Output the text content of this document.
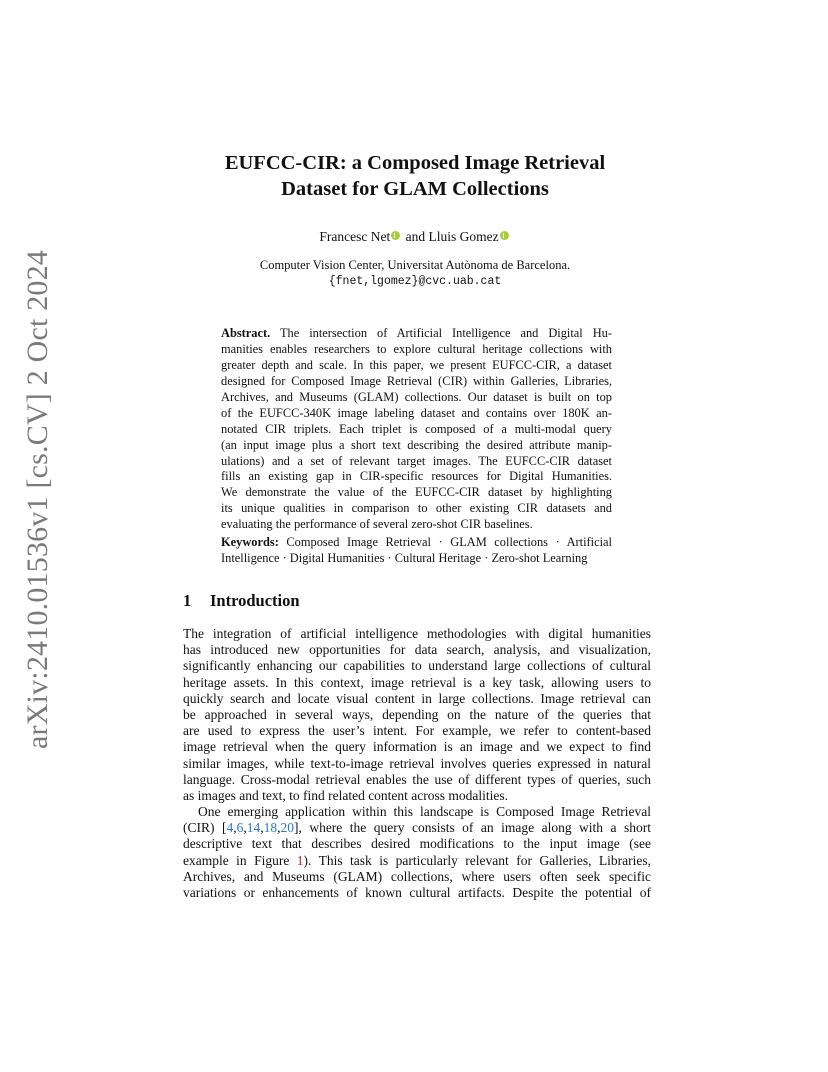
arXiv:2410.01536v1 [cs.CV] 2 Oct 2024
EUFCC-CIR: a Composed Image Retrieval
Dataset for GLAM Collections
Francesc Net and Lluis Gomez
Computer Vision Center, Universitat Autònoma de Barcelona.
{fnet,lgomez}@cvc.uab.cat
Abstract. The intersection of Artificial Intelligence and Digital Hu-
manities enables researchers to explore cultural heritage collections with
greater depth and scale. In this paper, we present EUFCC-CIR, a dataset
designed for Composed Image Retrieval (CIR) within Galleries, Libraries,
Archives, and Museums (GLAM) collections. Our dataset is built on top
of the EUFCC-340K image labeling dataset and contains over 180K an-
notated CIR triplets. Each triplet is composed of a multi-modal query
(an input image plus a short text describing the desired attribute manip-
ulations) and a set of relevant target images. The EUFCC-CIR dataset
fills an existing gap in CIR-specific resources for Digital Humanities.
We demonstrate the value of the EUFCC-CIR dataset by highlighting
its unique qualities in comparison to other existing CIR datasets and
evaluating the performance of several zero-shot CIR baselines.
Keywords: Composed Image Retrieval · GLAM collections · Artificial
Intelligence · Digital Humanities · Cultural Heritage · Zero-shot Learning
1 Introduction
The integration of artificial intelligence methodologies with digital humanities
has introduced new opportunities for data search, analysis, and visualization,
significantly enhancing our capabilities to understand large collections of cultural
heritage assets. In this context, image retrieval is a key task, allowing users to
quickly search and locate visual content in large collections. Image retrieval can
be approached in several ways, depending on the nature of the queries that
are used to express the user’s intent. For example, we refer to content-based
image retrieval when the query information is an image and we expect to find
similar images, while text-to-image retrieval involves queries expressed in natural
language. Cross-modal retrieval enables the use of different types of queries, such
as images and text, to find related content across modalities.
One emerging application within this landscape is Composed Image Retrieval
(CIR) [4,6,14,18,20], where the query consists of an image along with a short
descriptive text that describes desired modifications to the input image (see
example in Figure 1). This task is particularly relevant for Galleries, Libraries,
Archives, and Museums (GLAM) collections, where users often seek specific
variations or enhancements of known cultural artifacts. Despite the potential of
